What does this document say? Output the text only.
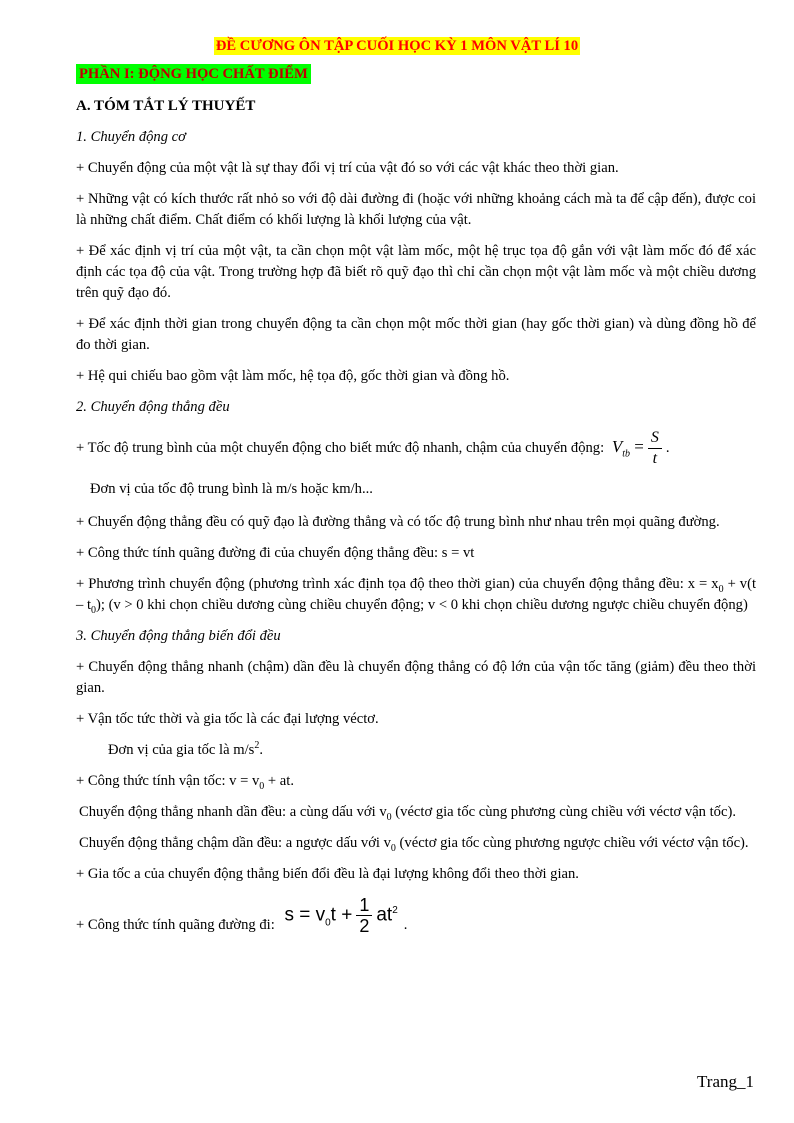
ĐỀ CƯƠNG ÔN TẬP CUỐI HỌC KỲ 1 MÔN VẬT LÍ 10
PHẦN I: ĐỘNG HỌC CHẤT ĐIỂM
A. TÓM TẮT LÝ THUYẾT

1. Chuyển động cơ

+ Chuyển động của một vật là sự thay đổi vị trí của vật đó so với các vật khác theo thời gian.

+ Những vật có kích thước rất nhỏ so với độ dài đường đi (hoặc với những khoảng cách mà ta để cập đến), được coi là những chất điểm. Chất điểm có khối lượng là khối lượng của vật.

+ Để xác định vị trí của một vật, ta cần chọn một vật làm mốc, một hệ trục tọa độ gắn với vật làm mốc đó để xác định các tọa độ của vật. Trong trường hợp đã biết rõ quỹ đạo thì chỉ cần chọn một vật làm mốc và một chiều dương trên quỹ đạo đó.

+ Để xác định thời gian trong chuyển động ta cần chọn một mốc thời gian (hay gốc thời gian) và dùng đồng hồ để đo thời gian.

+ Hệ qui chiếu bao gồm vật làm mốc, hệ tọa độ, gốc thời gian và đồng hồ.

2. Chuyển động thẳng đều

+ Tốc độ trung bình của một chuyển động cho biết mức độ nhanh, chậm của chuyển động: $V_{tb} = \frac{S}{t}$ .

Đơn vị của tốc độ trung bình là m/s hoặc km/h...

+ Chuyển động thẳng đều có quỹ đạo là đường thẳng và có tốc độ trung bình như nhau trên mọi quãng đường.

+ Công thức tính quãng đường đi của chuyển động thẳng đều: s = vt

+ Phương trình chuyển động (phương trình xác định tọa độ theo thời gian) của chuyển động thẳng đều: $x = x_0 + v(t - t_0)$; (v > 0 khi chọn chiều dương cùng chiều chuyển động; v < 0 khi chọn chiều dương ngược chiều chuyển động)

3. Chuyển động thẳng biến đổi đều

+ Chuyển động thẳng nhanh (chậm) dần đều là chuyển động thẳng có độ lớn của vận tốc tăng (giảm) đều theo thời gian.

+ Vận tốc tức thời và gia tốc là các đại lượng véctơ.

Đơn vị của gia tốc là $m/s^2$.

+ Công thức tính vận tốc: $v = v_0$ + at.

Chuyển động thẳng nhanh dần đều: a cùng dấu với $v_0$ (véctơ gia tốc cùng phương cùng chiều với véctơ vận tốc).

Chuyển động thẳng chậm dần đều: a ngược dấu với $v_0$ (véctơ gia tốc cùng phương ngược chiều với véctơ vận tốc).

+ Gia tốc a của chuyển động thẳng biến đổi đều là đại lượng không đổi theo thời gian.

+ Công thức tính quãng đường đi: $s = v_0t + \frac{1}{2} at^2$.

Trang_1
